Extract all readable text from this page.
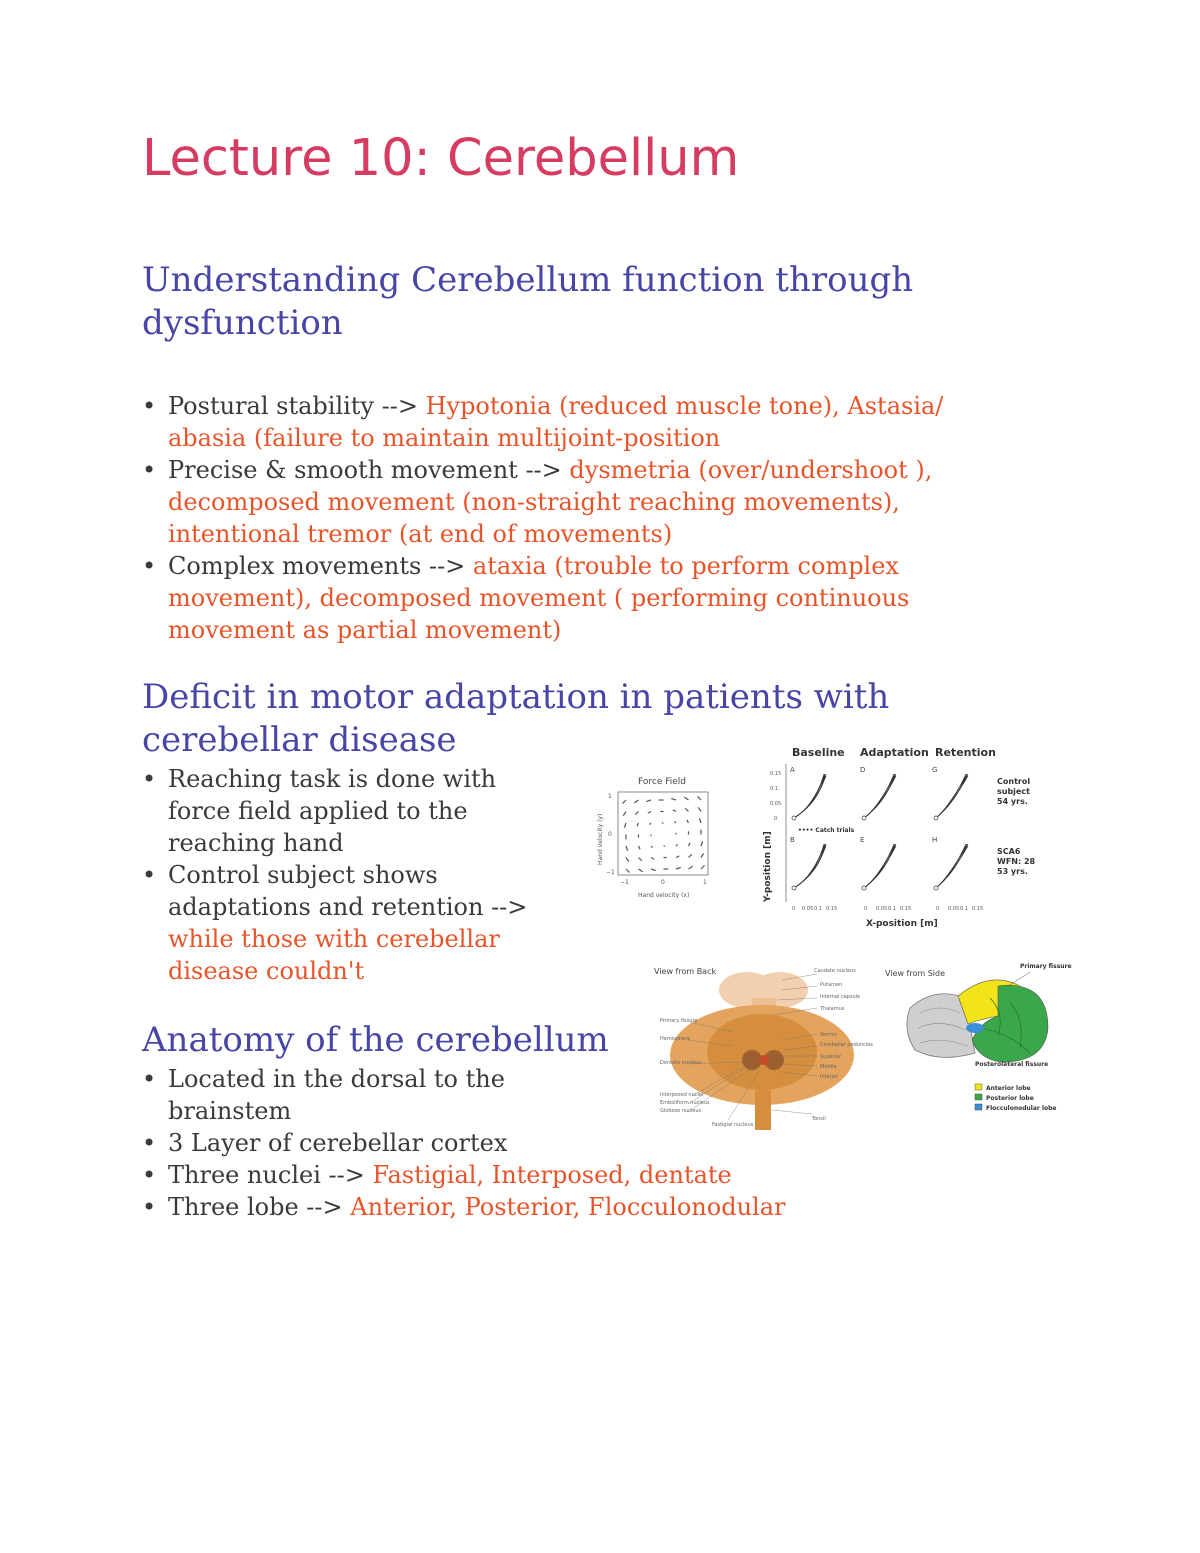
Lecture 10: Cerebellum
Understanding Cerebellum function through dysfunction
• Postural stability --> Hypotonia (reduced muscle tone), Astasia/ abasia (failure to maintain multijoint-position
• Precise & smooth movement --> dysmetria (over/undershoot ), decomposed movement (non-straight reaching movements), intentional tremor (at end of movements)
• Complex movements --> ataxia (trouble to perform complex movement), decomposed movement ( performing continuous movement as partial movement)
Deficit in motor adaptation in patients with cerebellar disease
• Reaching task is done with force field applied to the reaching hand
• Control subject shows adaptations and retention --> while those with cerebellar disease couldn't
Anatomy of the cerebellum
• Located in the dorsal to the brainstem
• 3 Layer of cerebellar cortex
• Three nuclei --> Fastigial, Interposed, dentate
• Three lobe --> Anterior, Posterior, Flocculonodular
Force Field
1
0
−1
−1	0	1
Hand velocity (x)
Hand velocity (y)
Baseline Adaptation Retention
A	D	G
B	E	H
0.15
0.1
0.05
0
•••• Catch trials
Control
subject
54 yrs.
SCA6
WFN: 28
53 yrs.
0 0.05 0.1 0.15	0 0.05 0.1 0.15	0 0.05 0.1 0.15
X-position [m]
Y-position [m]
View from Back	Caudate nucleus
Putamen
Internal capsule
Thalamus
Vermis
Cerebellar peduncles
Superior
Middle
Inferior
Tonsil
Primary fissure
Hemisphere
Dentate nucleus
Interposed nuclei
Emboliform nucleus
Globose nucleus
Fastigial nucleus
View from Side
Primary fissure
Posterolateral fissure
Anterior lobe
Posterior lobe
Flocculonodular lobe
